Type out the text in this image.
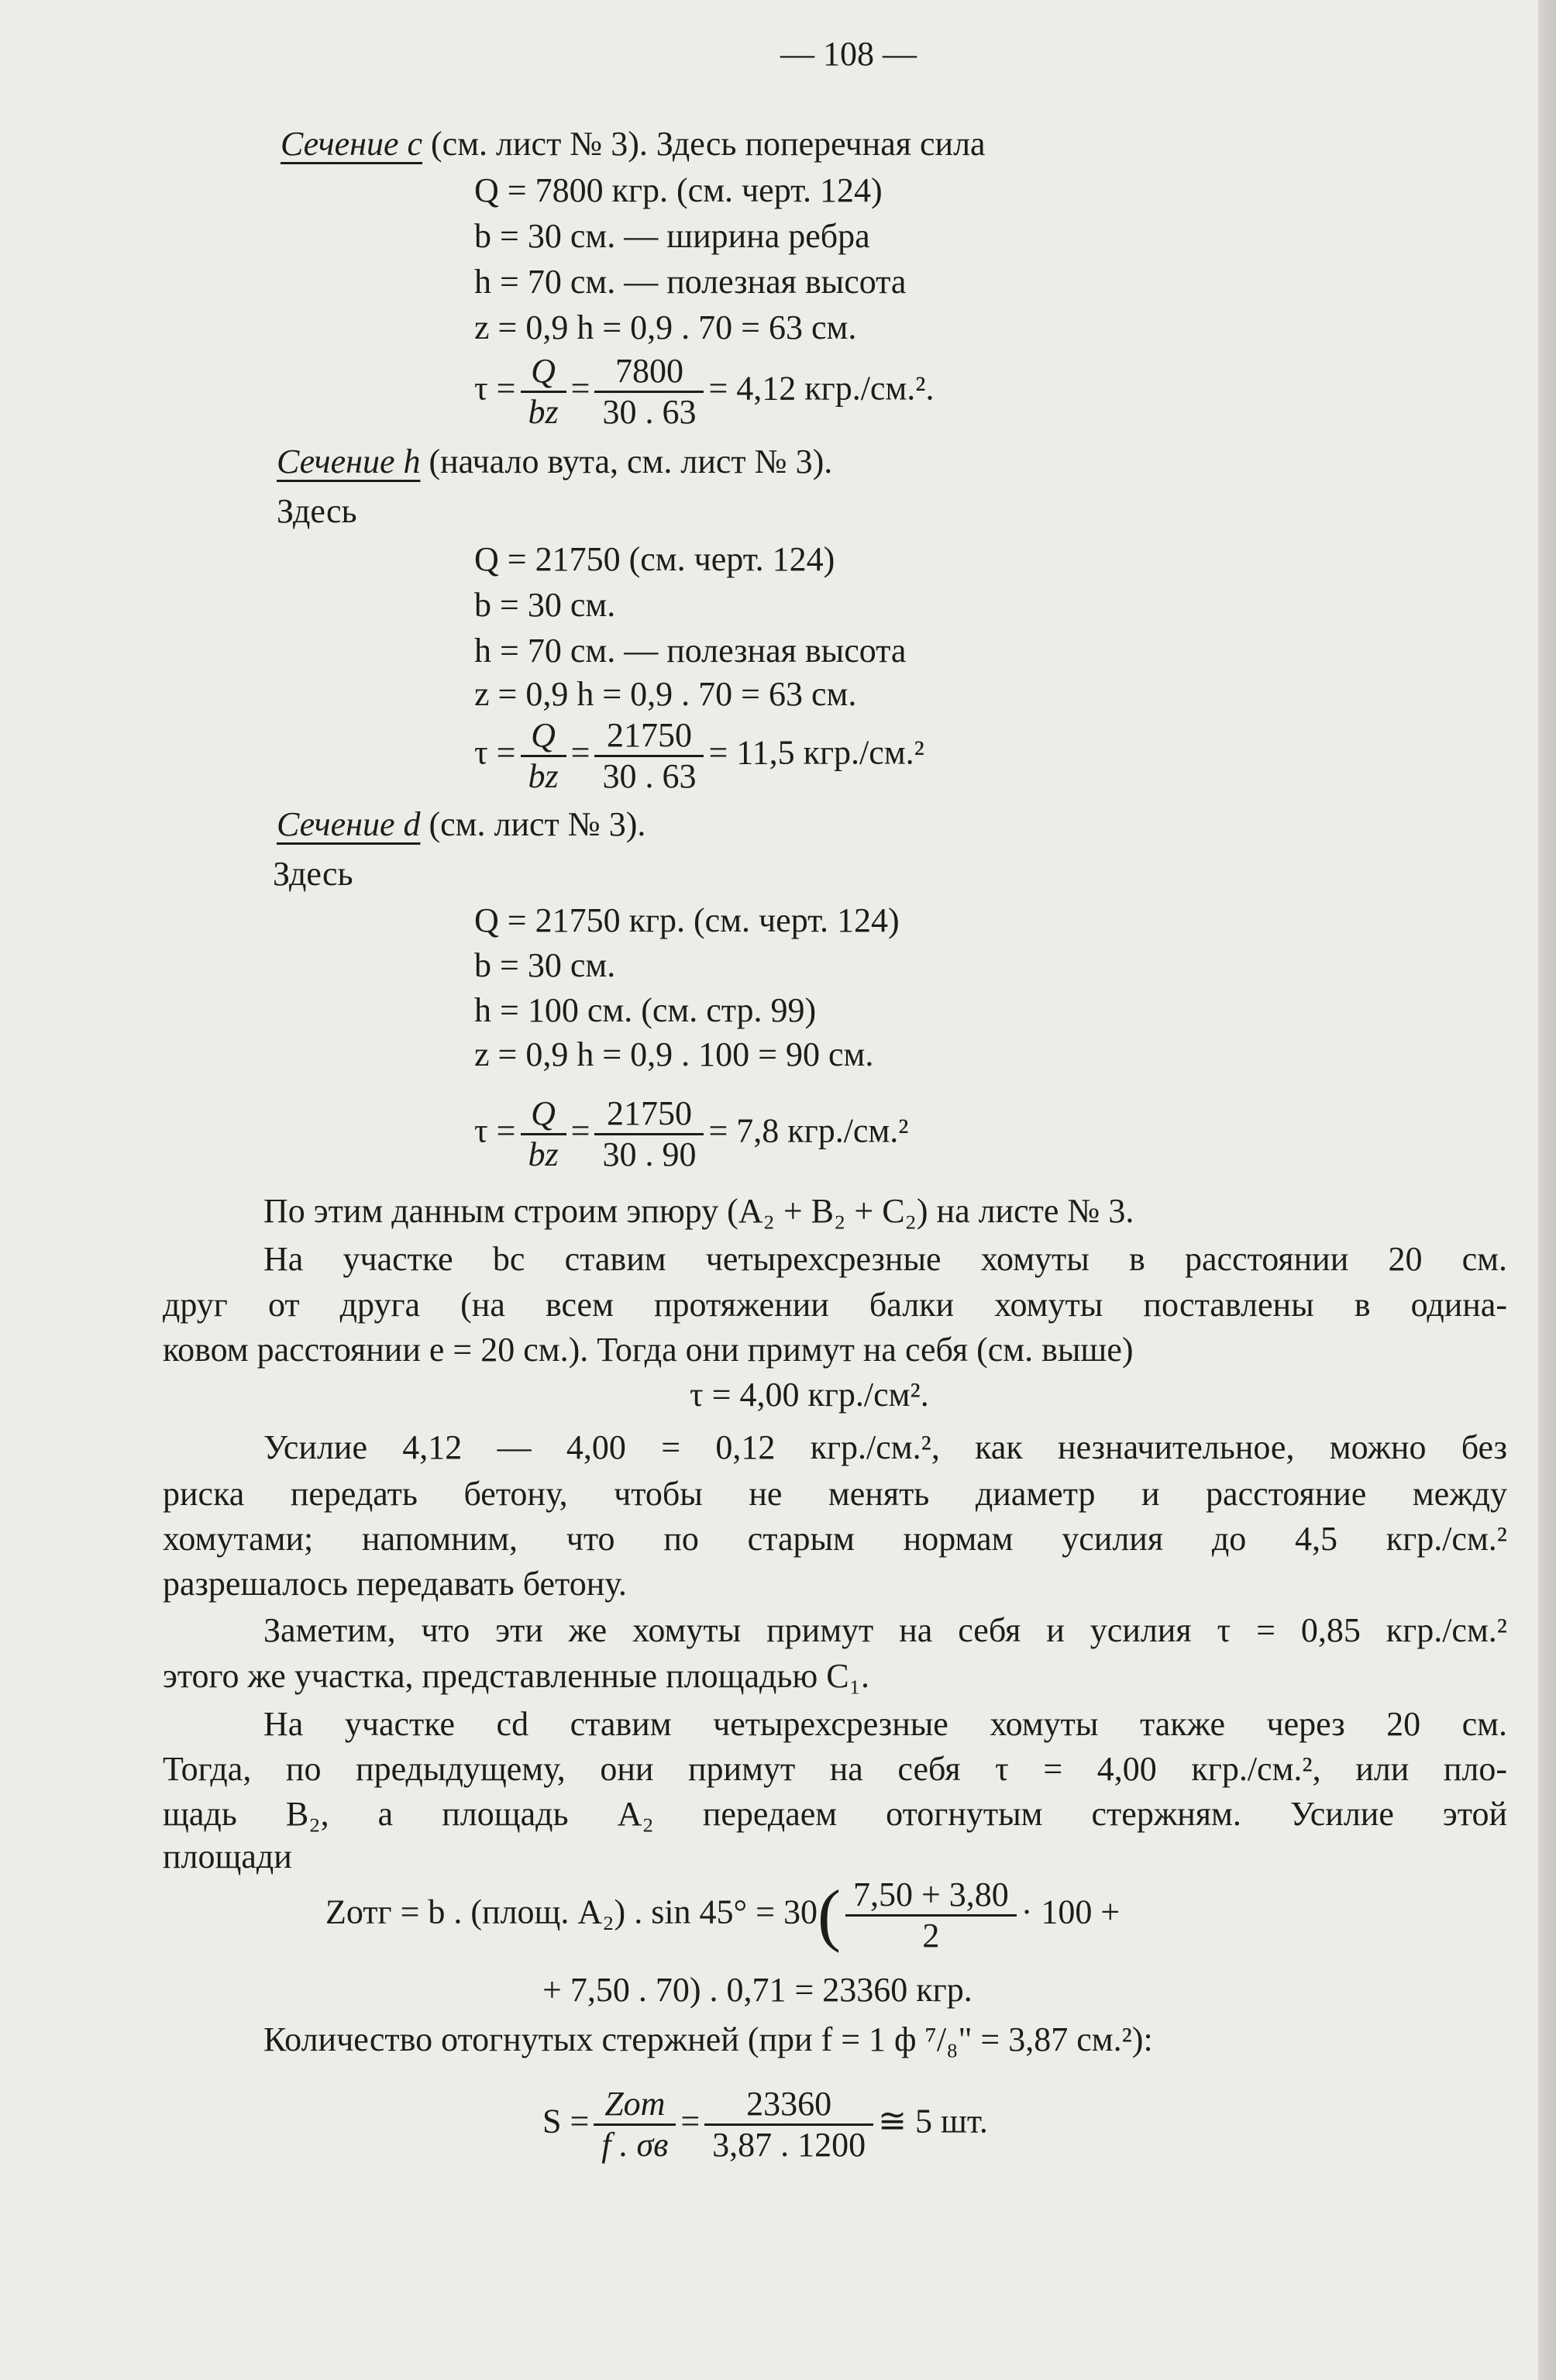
— 108 —
Сечение с (см. лист № 3). Здесь поперечная сила
Q = 7800 кгр. (см. черт. 124)
b = 30 см. — ширина ребра
h = 70 см. — полезная высота
z = 0,9 h = 0,9 . 70 = 63 см.
$\tau = \frac{Q}{bz} = \frac{7800}{30 . 63} = 4,12$ кгр./см.².
Сечение h (начало вута, см. лист № 3).
Здесь
Q = 21750 (см. черт. 124)
b = 30 см.
h = 70 см. — полезная высота
z = 0,9 h = 0,9 . 70 = 63 см.
$\tau = \frac{Q}{bz} = \frac{21750}{30 . 63} = 11,5$ кгр./см.²
Сечение d (см. лист № 3).
Здесь
Q = 21750 кгр. (см. черт. 124)
b = 30 см.
h = 100 см. (см. стр. 99)
z = 0,9 h = 0,9 . 100 = 90 см.
$\tau = \frac{Q}{bz} = \frac{21750}{30 . 90} = 7,8$ кгр./см.²
По этим данным строим эпюру (A₂ + B₂ + C₂) на листе № 3.
На участке bc ставим четырехсрезные хомуты в расстоянии 20 см.
друг от друга (на всем протяжении балки хомуты поставлены в одина-
ковом расстоянии e = 20 см.). Тогда они примут на себя (см. выше)
τ = 4,00 кгр./см².
Усилие 4,12 — 4,00 = 0,12 кгр./см.², как незначительное, можно без
риска передать бетону, чтобы не менять диаметр и расстояние между
хомутами; напомним, что по старым нормам усилия до 4,5 кгр./см.²
разрешалось передавать бетону.
Заметим, что эти же хомуты примут на себя и усилия τ = 0,85 кгр./см.²
этого же участка, представленные площадью C₁.
На участке cd ставим четырехсрезные хомуты также через 20 см.
Тогда, по предыдущему, они примут на себя τ = 4,00 кгр./см.², или пло-
щадь B₂, а площадь A₂ передаем отогнутым стержням. Усилие этой
площади
Zотг = b . (площ. A₂) . $\sin 45^\circ = 30( \frac{7,50 + 3,80}{2} \cdot 100$ +
+ 7,50 . 70) . 0,71 = 23360 кгр.
Количество отогнутых стержней (при f = 1 ф ⁷/₈" = 3,87 см.²):
$S = \frac{\text{Zот}}{f . \sigma в} = \frac{23360}{3,87 . 1200}$ ≅ 5 шт.
